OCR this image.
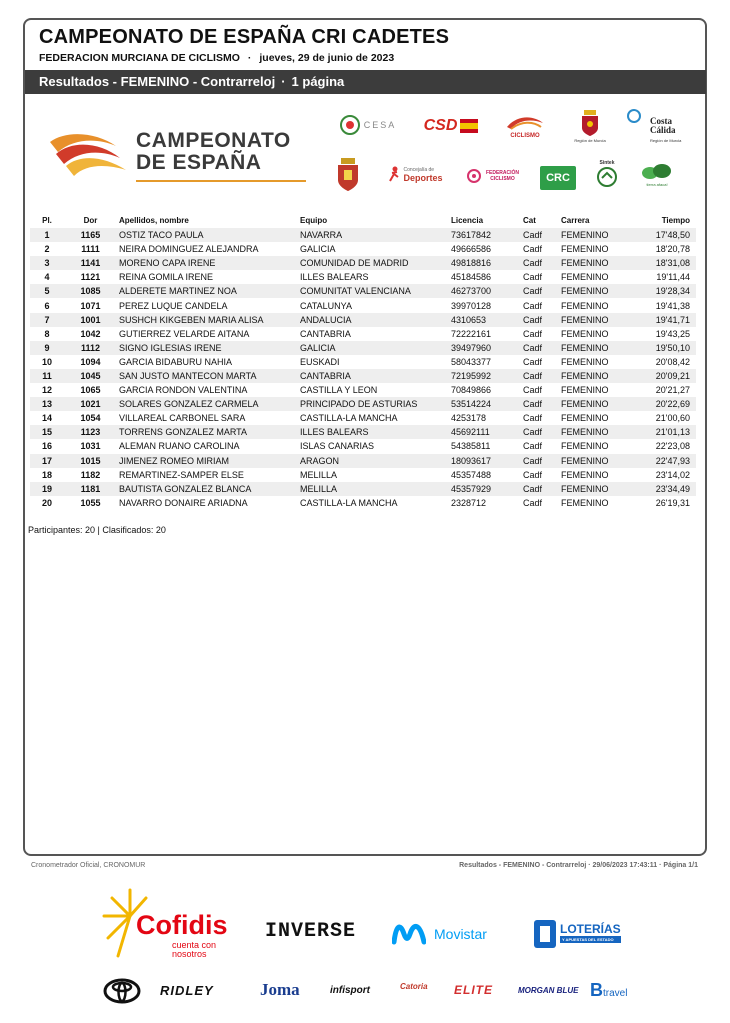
CAMPEONATO DE ESPAÑA CRI CADETES
FEDERACION MURCIANA DE CICLISMO · jueves, 29 de junio de 2023
Resultados - FEMENINO - Contrarreloj · 1 página
CAMPEONATO
DE ESPAÑA
CESA CSD
CICLISMO
Región de Murcia
Costa
Cálida
Región de Murcia
Concejalía de
Deportes	FEDERACIÓN CICLISMO	CRC
Sintek
tierra afaca!
Pl.	Dor	Apellidos, nombre	Equipo	Licencia	Cat	Carrera	Tiempo
1	1165	OSTIZ TACO PAULA	NAVARRA	73617842	Cadf	FEMENINO	17'48,50
2	1111	NEIRA DOMINGUEZ ALEJANDRA	GALICIA	49666586	Cadf	FEMENINO	18'20,78
3	1141	MORENO CAPA IRENE	COMUNIDAD DE MADRID	49818816	Cadf	FEMENINO	18'31,08
4	1121	REINA GOMILA IRENE	ILLES BALEARS	45184586	Cadf	FEMENINO	19'11,44
5	1085	ALDERETE MARTINEZ NOA	COMUNITAT VALENCIANA	46273700	Cadf	FEMENINO	19'28,34
6	1071	PEREZ LUQUE CANDELA	CATALUNYA	39970128	Cadf	FEMENINO	19'41,38
7	1001	SUSHCH KIKGEBEN MARIA ALISA	ANDALUCIA	4310653	Cadf	FEMENINO	19'41,71
8	1042	GUTIERREZ VELARDE AITANA	CANTABRIA	72222161	Cadf	FEMENINO	19'43,25
9	1112	SIGNO IGLESIAS IRENE	GALICIA	39497960	Cadf	FEMENINO	19'50,10
10	1094	GARCIA BIDABURU NAHIA	EUSKADI	58043377	Cadf	FEMENINO	20'08,42
11	1045	SAN JUSTO MANTECON MARTA	CANTABRIA	72195992	Cadf	FEMENINO	20'09,21
12	1065	GARCIA RONDON VALENTINA	CASTILLA Y LEON	70849866	Cadf	FEMENINO	20'21,27
13	1021	SOLARES GONZALEZ CARMELA	PRINCIPADO DE ASTURIAS	53514224	Cadf	FEMENINO	20'22,69
14	1054	VILLAREAL CARBONEL SARA	CASTILLA-LA MANCHA	4253178	Cadf	FEMENINO	21'00,60
15	1123	TORRENS GONZALEZ MARTA	ILLES BALEARS	45692111	Cadf	FEMENINO	21'01,13
16	1031	ALEMAN RUANO CAROLINA	ISLAS CANARIAS	54385811	Cadf	FEMENINO	22'23,08
17	1015	JIMENEZ ROMEO MIRIAM	ARAGON	18093617	Cadf	FEMENINO	22'47,93
18	1182	REMARTINEZ-SAMPER ELSE	MELILLA	45357488	Cadf	FEMENINO	23'14,02
19	1181	BAUTISTA GONZALEZ BLANCA	MELILLA	45357929	Cadf	FEMENINO	23'34,49
20	1055	NAVARRO DONAIRE ARIADNA	CASTILLA-LA MANCHA	2328712	Cadf	FEMENINO	26'19,31
Participantes: 20 | Clasificados: 20
Cronometrador Oficial, CRONOMUR	Resultados - FEMENINO - Contrarreloj · 29/06/2023 17:43:11 · Página 1/1
Cofidis
cuenta con
nosotros
INVERSE	Movistar	LOTERÍAS
Y APUESTAS DEL ESTADO
RIDLEY	Joma	infisport	Catoria ELITE	MORGAN BLUE Btravel
